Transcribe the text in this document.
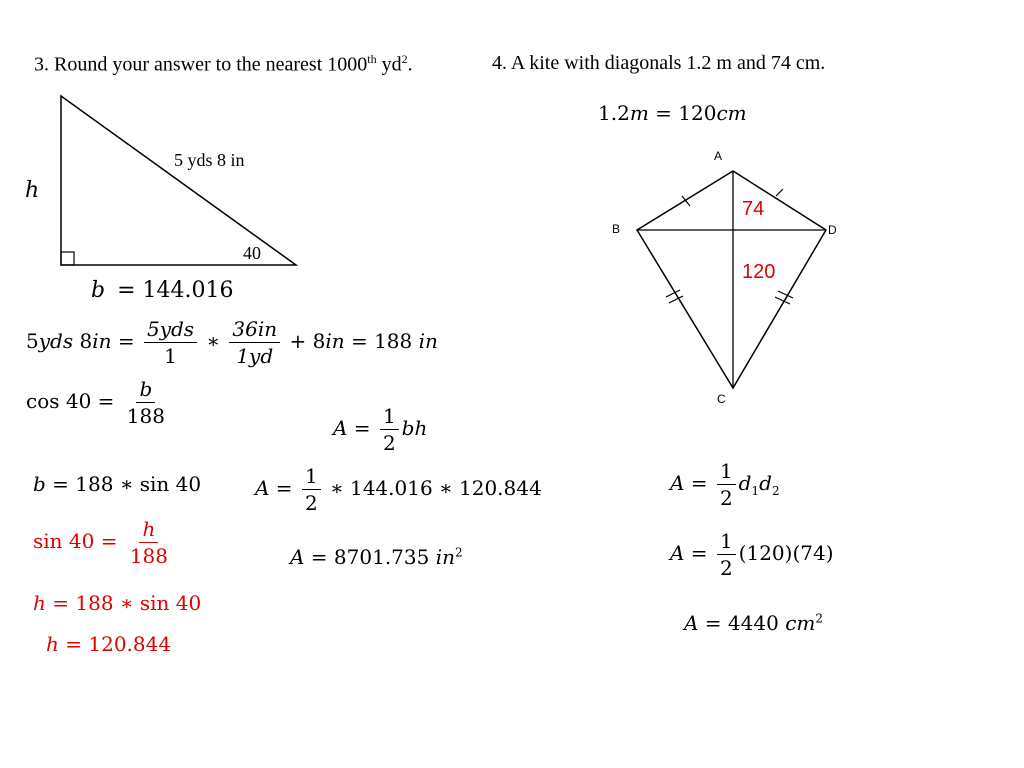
3. Round your answer to the nearest 1000th $yd^2$.	4. A kite with diagonals 1.2 m and 74 cm.
5 yds 8 in
40
h
b = 144.016
5yds $8in = \frac{\text{5yds}}{1}$ ∗ $\frac{36in}{1yd} + 8in = 188$ in
$\cos 40 = \frac{b}{188}$
b = 188 ∗ sin 40
$\sin 40 = \frac{h}{188}$
h = 188 ∗ sin 40
h = 120.844
$A = \frac{1}{2}$ bh
$A = \frac{1}{2}$ ∗ 144.016 ∗ 120.844
A = 8701.735 $in^2$
1.2m = 120cm
A
B
C
D
74
120
$A = \frac{1}{2} d_1d_2$
$A = \frac{1}{2} (120)(74)$
A = 4440 $cm^2$
